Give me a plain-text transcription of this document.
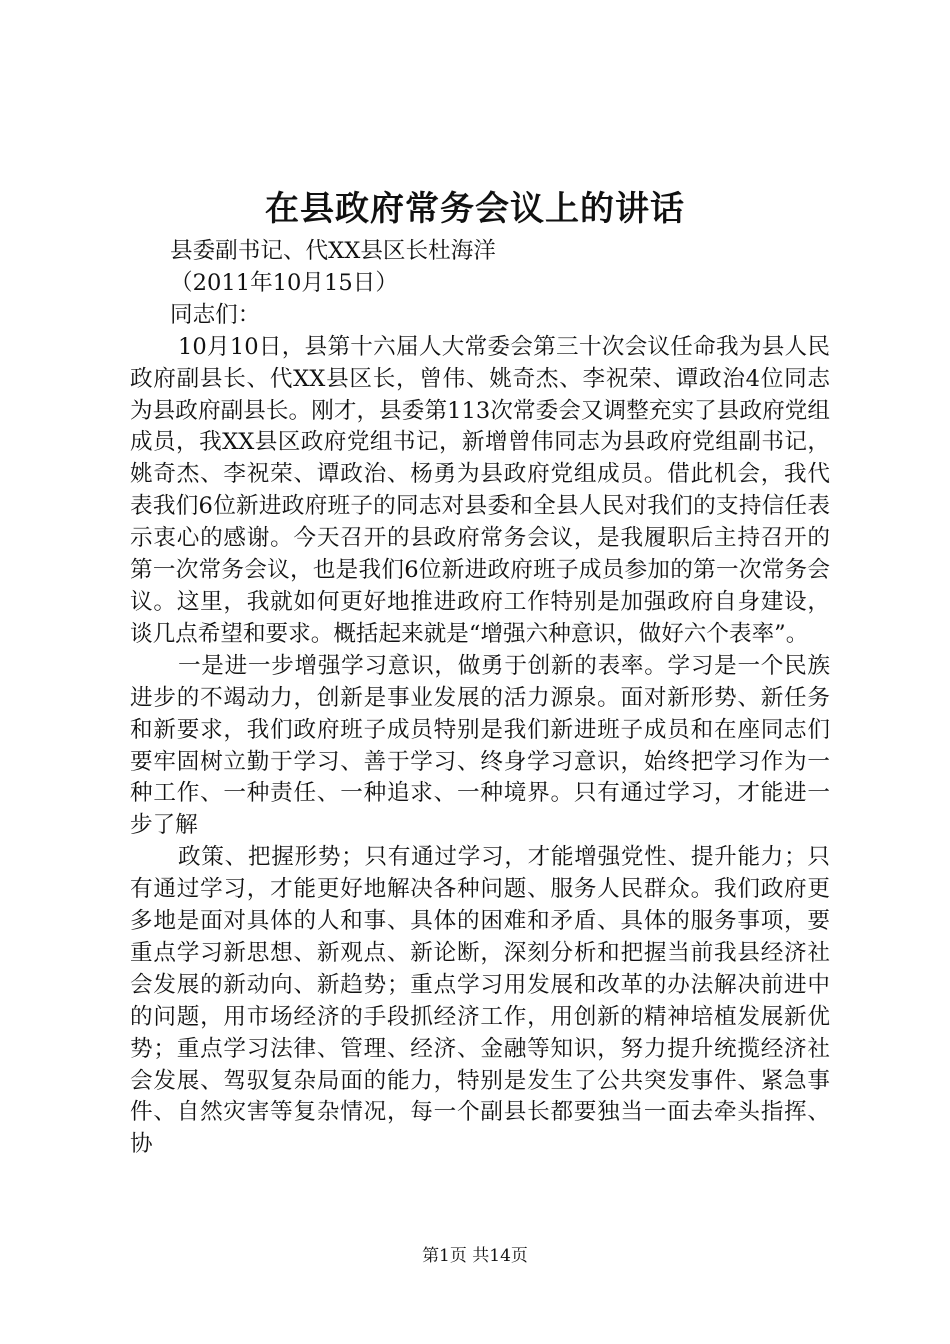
在县政府常务会议上的讲话

县委副书记、代XX县区长杜海洋

（2011年10月15日）

同志们：

10月10日，县第十六届人大常委会第三十次会议任命我为县人民政府副县长、代XX县区长，曾伟、姚奇杰、李祝荣、谭政治4位同志为县政府副县长。刚才，县委第113次常委会又调整充实了县政府党组成员，我XX县区政府党组书记，新增曾伟同志为县政府党组副书记，姚奇杰、李祝荣、谭政治、杨勇为县政府党组成员。借此机会，我代表我们6位新进政府班子的同志对县委和全县人民对我们的支持信任表示衷心的感谢。今天召开的县政府常务会议，是我履职后主持召开的第一次常务会议，也是我们6位新进政府班子成员参加的第一次常务会议。这里，我就如何更好地推进政府工作特别是加强政府自身建设，谈几点希望和要求。概括起来就是“增强六种意识，做好六个表率”。

一是进一步增强学习意识，做勇于创新的表率。学习是一个民族进步的不竭动力，创新是事业发展的活力源泉。面对新形势、新任务和新要求，我们政府班子成员特别是我们新进班子成员和在座同志们要牢固树立勤于学习、善于学习、终身学习意识，始终把学习作为一种工作、一种责任、一种追求、一种境界。只有通过学习，才能进一步了解

政策、把握形势；只有通过学习，才能增强党性、提升能力；只有通过学习，才能更好地解决各种问题、服务人民群众。我们政府更多地是面对具体的人和事、具体的困难和矛盾、具体的服务事项，要重点学习新思想、新观点、新论断，深刻分析和把握当前我县经济社会发展的新动向、新趋势；重点学习用发展和改革的办法解决前进中的问题，用市场经济的手段抓经济工作，用创新的精神培植发展新优势；重点学习法律、管理、经济、金融等知识，努力提升统揽经济社会发展、驾驭复杂局面的能力，特别是发生了公共突发事件、紧急事件、自然灾害等复杂情况，每一个副县长都要独当一面去牵头指挥、协

第1页 共14页
